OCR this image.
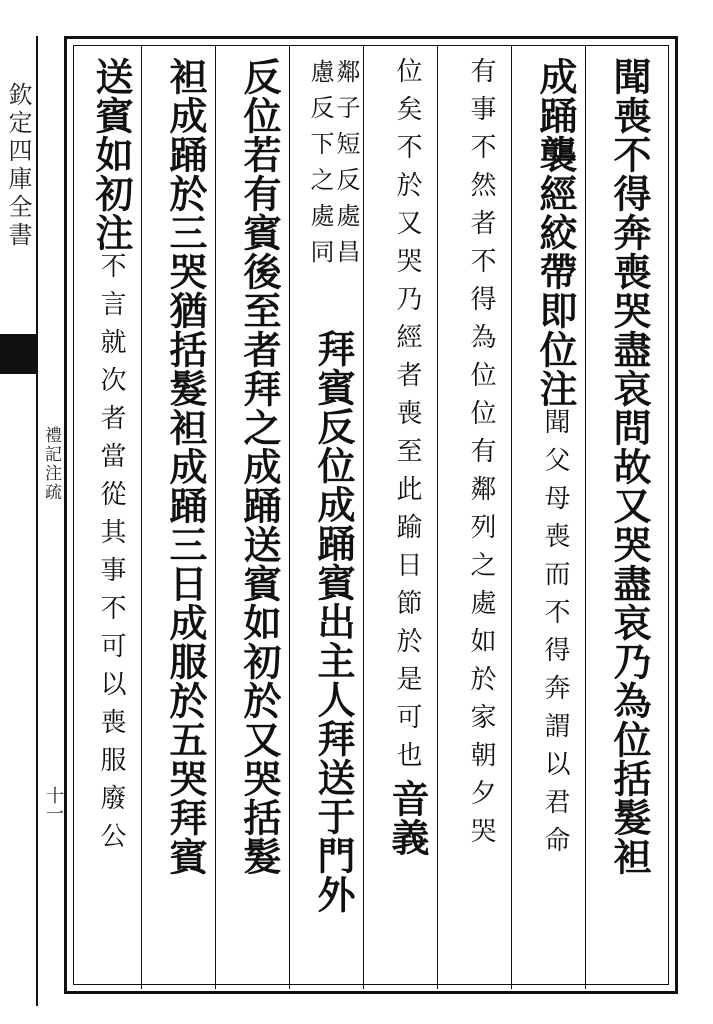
欽定四庫全書
禮記注疏
十一	聞喪不得奔喪哭盡哀問故又哭盡哀乃為位括髮袒
成踊襲經絞帶即位注聞父母喪而不得奔謂以君命
有事不然者不得為位位有鄰列之處如於家朝夕哭
位矣不於又哭乃經者喪至此踰日節於是可也音義
鄰子短反處昌
慮反下之處同
拜賓反位成踊賓出主人拜送于門外
反位若有賓後至者拜之成踊送賓如初於又哭括髮
袒成踊於三哭猶括髮袒成踊三日成服於五哭拜賓
送賓如初注不言就次者當從其事不可以喪服廢公
